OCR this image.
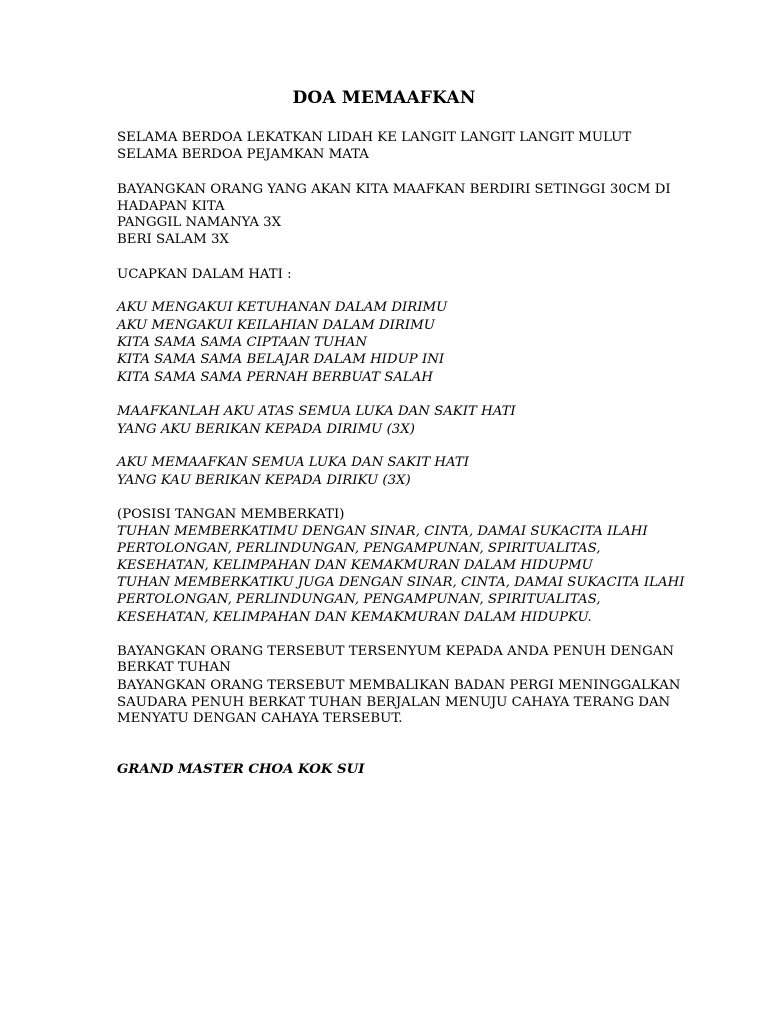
DOA MEMAAFKAN

SELAMA BERDOA LEKATKAN LIDAH KE LANGIT LANGIT LANGIT MULUT

SELAMA BERDOA PEJAMKAN MATA

BAYANGKAN ORANG YANG AKAN KITA MAAFKAN BERDIRI SETINGGI 30CM DI

HADAPAN KITA

PANGGIL NAMANYA 3X

BERI SALAM 3X

UCAPKAN DALAM HATI :

AKU MENGAKUI KETUHANAN DALAM DIRIMU

AKU MENGAKUI KEILAHIAN DALAM DIRIMU

KITA SAMA SAMA CIPTAAN TUHAN

KITA SAMA SAMA BELAJAR DALAM HIDUP INI

KITA SAMA SAMA PERNAH BERBUAT SALAH

MAAFKANLAH AKU ATAS SEMUA LUKA DAN SAKIT HATI

YANG AKU BERIKAN KEPADA DIRIMU (3X)

AKU MEMAAFKAN SEMUA LUKA DAN SAKIT HATI

YANG KAU BERIKAN KEPADA DIRIKU (3X)

(POSISI TANGAN MEMBERKATI)

TUHAN MEMBERKATIMU DENGAN SINAR, CINTA, DAMAI SUKACITA ILAHI

PERTOLONGAN, PERLINDUNGAN, PENGAMPUNAN, SPIRITUALITAS,

KESEHATAN, KELIMPAHAN DAN KEMAKMURAN DALAM HIDUPMU

TUHAN MEMBERKATIKU JUGA DENGAN SINAR, CINTA, DAMAI SUKACITA ILAHI

PERTOLONGAN, PERLINDUNGAN, PENGAMPUNAN, SPIRITUALITAS,

KESEHATAN, KELIMPAHAN DAN KEMAKMURAN DALAM HIDUPKU.

BAYANGKAN ORANG TERSEBUT TERSENYUM KEPADA ANDA PENUH DENGAN

BERKAT TUHAN

BAYANGKAN ORANG TERSEBUT MEMBALIKAN BADAN PERGI MENINGGALKAN

SAUDARA PENUH BERKAT TUHAN BERJALAN MENUJU CAHAYA TERANG DAN

MENYATU DENGAN CAHAYA TERSEBUT.

GRAND MASTER CHOA KOK SUI
